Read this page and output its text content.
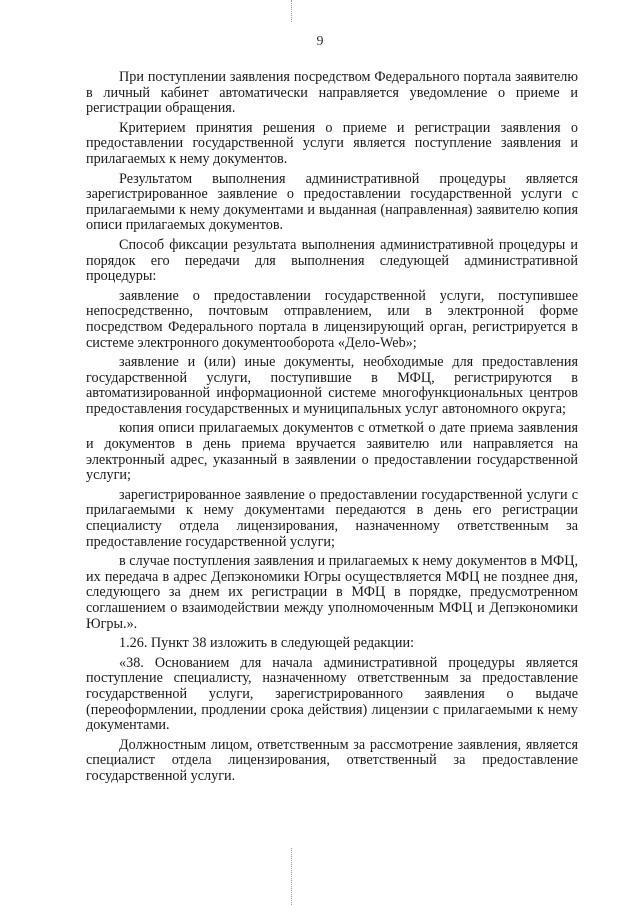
9

При поступлении заявления посредством Федерального портала заявителю в личный кабинет автоматически направляется уведомление о приеме и регистрации обращения.

Критерием принятия решения о приеме и регистрации заявления о предоставлении государственной услуги является поступление заявления и прилагаемых к нему документов.

Результатом выполнения административной процедуры является зарегистрированное заявление о предоставлении государственной услуги с прилагаемыми к нему документами и выданная (направленная) заявителю копия описи прилагаемых документов.

Способ фиксации результата выполнения административной процедуры и порядок его передачи для выполнения следующей административной процедуры:

заявление о предоставлении государственной услуги, поступившее непосредственно, почтовым отправлением, или в электронной форме посредством Федерального портала в лицензирующий орган, регистрируется в системе электронного документооборота «Дело-Web»;

заявление и (или) иные документы, необходимые для предоставления государственной услуги, поступившие в МФЦ, регистрируются в автоматизированной информационной системе многофункциональных центров предоставления государственных и муниципальных услуг автономного округа;

копия описи прилагаемых документов с отметкой о дате приема заявления и документов в день приема вручается заявителю или направляется на электронный адрес, указанный в заявлении о предоставлении государственной услуги;

зарегистрированное заявление о предоставлении государственной услуги с прилагаемыми к нему документами передаются в день его регистрации специалисту отдела лицензирования, назначенному ответственным за предоставление государственной услуги;

в случае поступления заявления и прилагаемых к нему документов в МФЦ, их передача в адрес Депэкономики Югры осуществляется МФЦ не позднее дня, следующего за днем их регистрации в МФЦ в порядке, предусмотренном соглашением о взаимодействии между уполномоченным МФЦ и Депэкономики Югры.».

1.26. Пункт 38 изложить в следующей редакции:

«38. Основанием для начала административной процедуры является поступление специалисту, назначенному ответственным за предоставление государственной услуги, зарегистрированного заявления о выдаче (переоформлении, продлении срока действия) лицензии с прилагаемыми к нему документами.

Должностным лицом, ответственным за рассмотрение заявления, является специалист отдела лицензирования, ответственный за предоставление государственной услуги.
